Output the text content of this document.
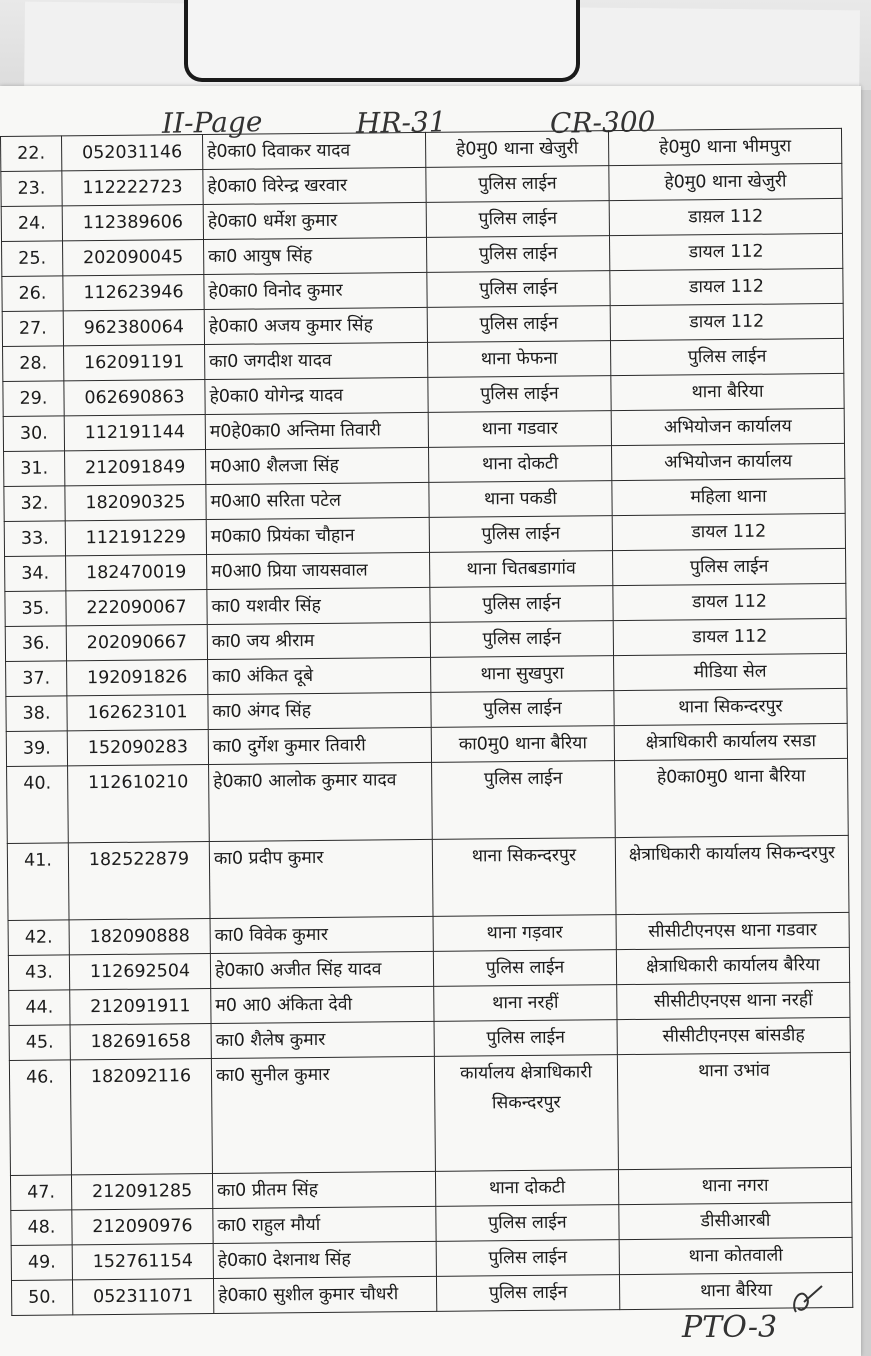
II-Page	HR-31	CR-300
22.	052031146	हे0का0 दिवाकर यादव	हे0मु0 थाना खेजुरी	हे0मु0 थाना भीमपुरा
23.	112222723	हे0का0 विरेन्द्र खरवार	पुलिस लाईन	हे0मु0 थाना खेजुरी
24.	112389606	हे0का0 धर्मेश कुमार	पुलिस लाईन	डाय़ल 112
25.	202090045	का0 आयुष सिंह	पुलिस लाईन	डायल 112
26.	112623946	हे0का0 विनोद कुमार	पुलिस लाईन	डायल 112
27.	962380064	हे0का0 अजय कुमार सिंह	पुलिस लाईन	डायल 112
28.	162091191	का0 जगदीश यादव	थाना फेफना	पुलिस लाईन
29.	062690863	हे0का0 योगेन्द्र यादव	पुलिस लाईन	थाना बैरिया
30.	112191144	म0हे0का0 अन्तिमा तिवारी	थाना गडवार	अभियोजन कार्यालय
31.	212091849	म0आ0 शैलजा सिंह	थाना दोकटी	अभियोजन कार्यालय
32.	182090325	म0आ0 सरिता पटेल	थाना पकडी	महिला थाना
33.	112191229	म0का0 प्रियंका चौहान	पुलिस लाईन	डायल 112
34.	182470019	म0आ0 प्रिया जायसवाल	थाना चितबडागांव	पुलिस लाईन
35.	222090067	का0 यशवीर सिंह	पुलिस लाईन	डायल 112
36.	202090667	का0 जय श्रीराम	पुलिस लाईन	डायल 112
37.	192091826	का0 अंकित दूबे	थाना सुखपुरा	मीडिया सेल
38.	162623101	का0 अंगद सिंह	पुलिस लाईन	थाना सिकन्दरपुर
39.	152090283	का0 दुर्गेश कुमार तिवारी	का0मु0 थाना बैरिया	क्षेत्राधिकारी कार्यालय रसडा
40.	112610210	हे0का0 आलोक कुमार यादव	पुलिस लाईन	हे0का0मु0 थाना बैरिया
41.	182522879	का0 प्रदीप कुमार	थाना सिकन्दरपुर	क्षेत्राधिकारी कार्यालय सिकन्दरपुर
42.	182090888	का0 विवेक कुमार	थाना गड़वार	सीसीटीएनएस थाना गडवार
43.	112692504	हे0का0 अजीत सिंह यादव	पुलिस लाईन	क्षेत्राधिकारी कार्यालय बैरिया
44.	212091911	म0 आ0 अंकिता देवी	थाना नरहीं	सीसीटीएनएस थाना नरहीं
45.	182691658	का0 शैलेष कुमार	पुलिस लाईन	सीसीटीएनएस बांसडीह
46.	182092116	का0 सुनील कुमार	कार्यालय क्षेत्राधिकारी सिकन्दरपुर	थाना उभांव
47.	212091285	का0 प्रीतम सिंह	थाना दोकटी	थाना नगरा
48.	212090976	का0 राहुल मौर्या	पुलिस लाईन	डीसीआरबी
49.	152761154	हे0का0 देशनाथ सिंह	पुलिस लाईन	थाना कोतवाली
50.	052311071	हे0का0 सुशील कुमार चौधरी	पुलिस लाईन	थाना बैरिया
PTO-3
